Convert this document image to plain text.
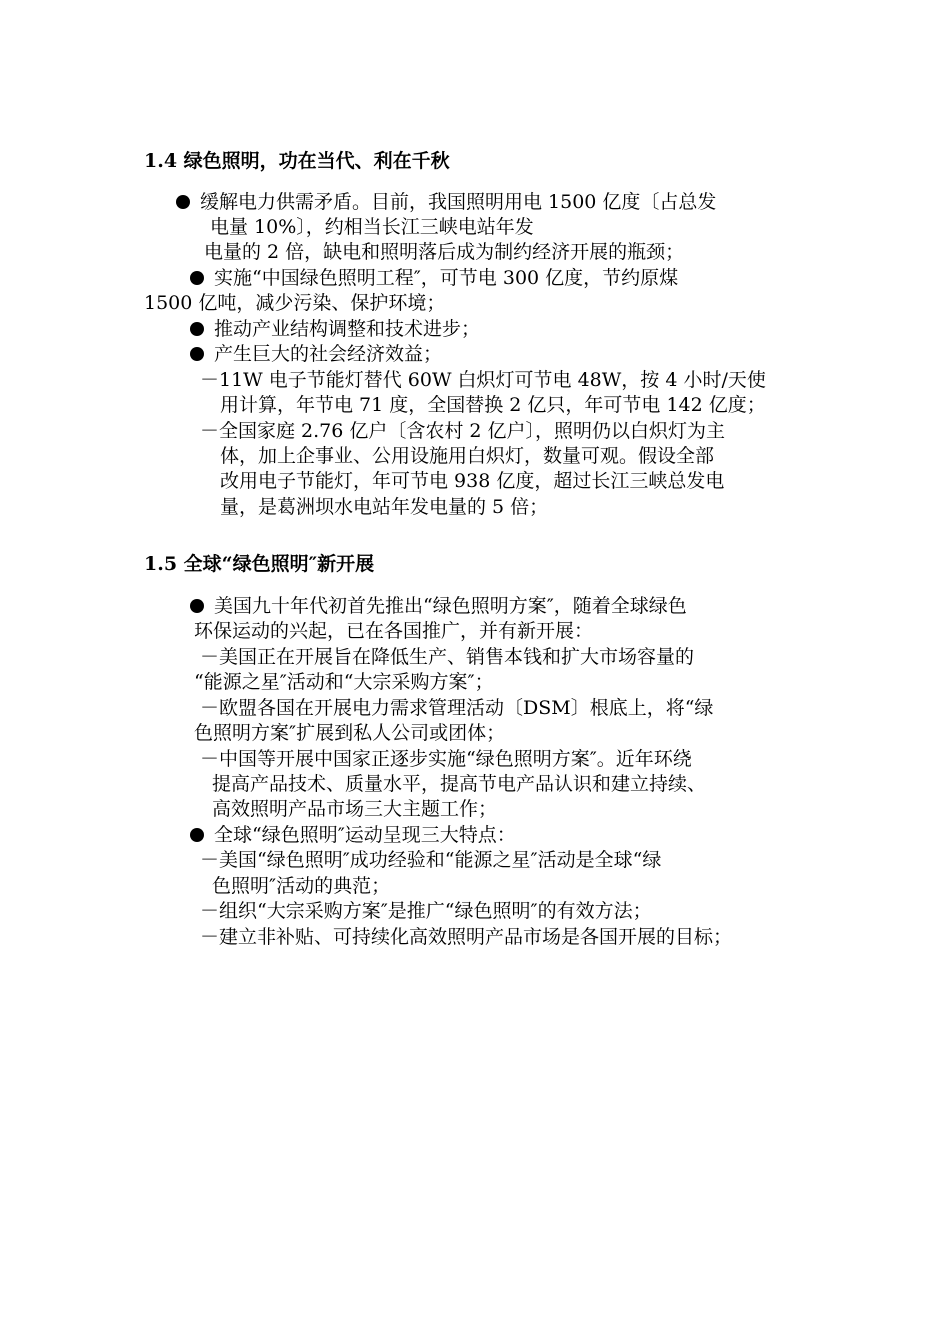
1.4 绿色照明，功在当代、利在千秋
缓解电力供需矛盾。目前，我国照明用电 1500 亿度〔占总发
电量 10%〕，约相当长江三峡电站年发
电量的 2 倍，缺电和照明落后成为制约经济开展的瓶颈；
实施“中国绿色照明工程″，可节电 300 亿度，节约原煤
1500 亿吨，减少污染、保护环境；
推动产业结构调整和技术进步；
产生巨大的社会经济效益；
－11W 电子节能灯替代 60W 白炽灯可节电 48W，按 4 小时/天使
用计算，年节电 71 度，全国替换 2 亿只，年可节电 142 亿度；
－全国家庭 2.76 亿户〔含农村 2 亿户〕，照明仍以白炽灯为主
体，加上企事业、公用设施用白炽灯，数量可观。假设全部
改用电子节能灯，年可节电 938 亿度，超过长江三峡总发电
量，是葛洲坝水电站年发电量的 5 倍；
1.5 全球“绿色照明″新开展
美国九十年代初首先推出“绿色照明方案″，随着全球绿色
环保运动的兴起，已在各国推广，并有新开展：
－美国正在开展旨在降低生产、销售本钱和扩大市场容量的
“能源之星″活动和“大宗采购方案″；
－欧盟各国在开展电力需求管理活动〔DSM〕根底上，将“绿
色照明方案″扩展到私人公司或团体；
－中国等开展中国家正逐步实施“绿色照明方案″。近年环绕
提高产品技术、质量水平，提高节电产品认识和建立持续、
高效照明产品市场三大主题工作；
全球“绿色照明″运动呈现三大特点：
－美国“绿色照明″成功经验和“能源之星″活动是全球“绿
色照明″活动的典范；
－组织“大宗采购方案″是推广“绿色照明″的有效方法；
－建立非补贴、可持续化高效照明产品市场是各国开展的目标；
